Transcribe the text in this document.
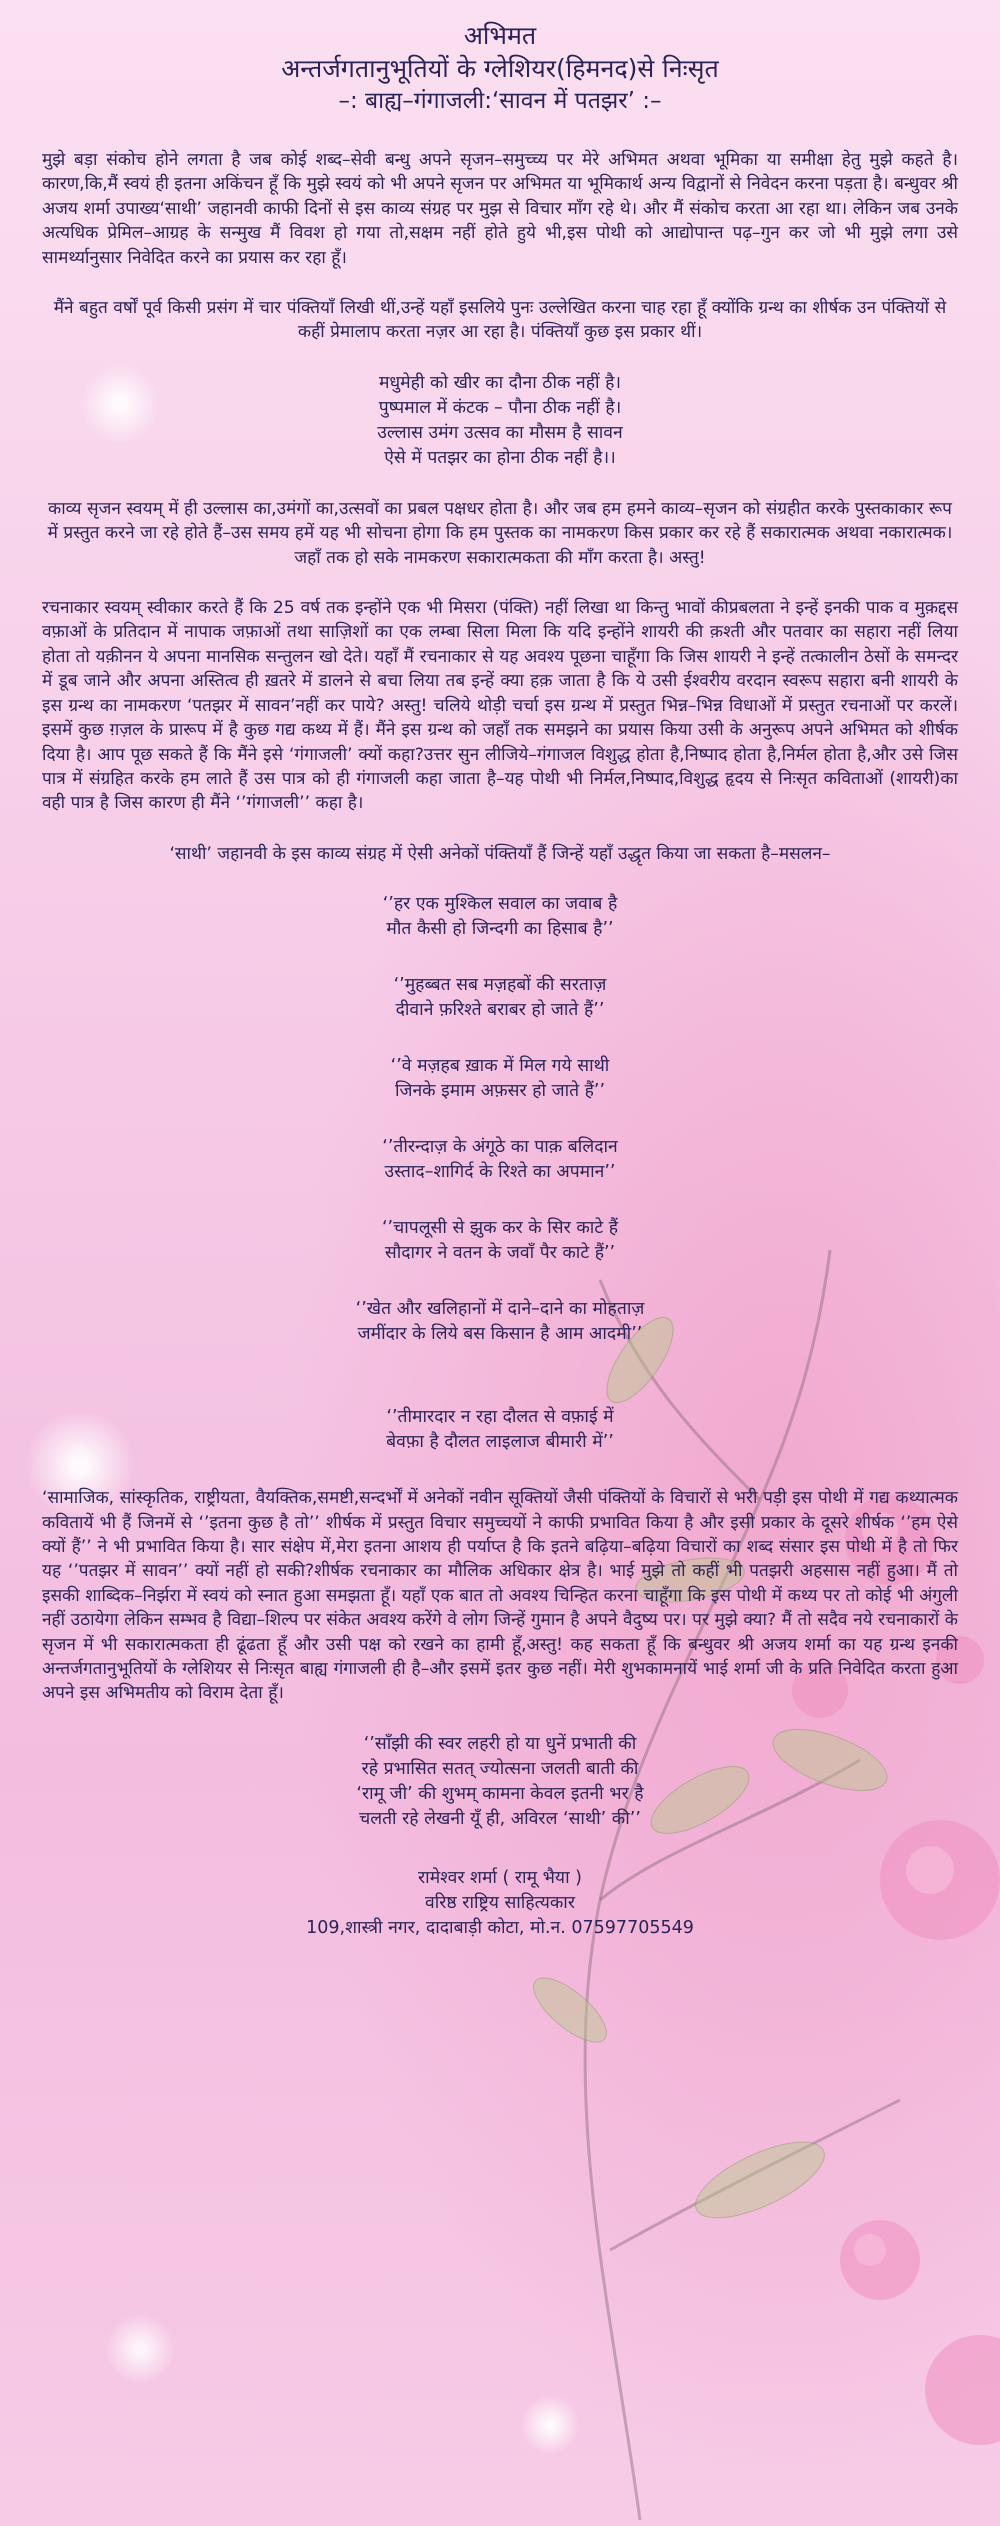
अभिमत
अन्तर्जगतानुभूतियों के ग्लेशियर(हिमनद)से निःसृत
–: बाह्य–गंगाजली:‘सावन में पतझर’ :–

मुझे बड़ा संकोच होने लगता है जब कोई शब्द–सेवी बन्धु अपने सृजन–समुच्च्य पर मेरे अभिमत अथवा भूमिका या समीक्षा हेतु मुझे कहते है। कारण,कि,मैं स्वयं ही इतना अकिंचन हूँ कि मुझे स्वयं को भी अपने सृजन पर अभिमत या भूमिकार्थ अन्य विद्वानों से निवेदन करना पड़ता है। बन्धुवर श्री अजय शर्मा उपाख्य‘साथी’ जहानवी काफी दिनों से इस काव्य संग्रह पर मुझ से विचार माँग रहे थे। और मैं संकोच करता आ रहा था। लेकिन जब उनके अत्यधिक प्रेमिल–आग्रह के सन्मुख मैं विवश हो गया तो,सक्षम नहीं होते हुये भी,इस पोथी को आद्योपान्त पढ़–गुन कर जो भी मुझे लगा उसे सामर्थ्यानुसार निवेदित करने का प्रयास कर रहा हूँ।

मैंने बहुत वर्षों पूर्व किसी प्रसंग में चार पंक्तियाँ लिखी थीं,उन्हें यहाँ इसलिये पुनः उल्लेखित करना चाह रहा हूँ क्योंकि ग्रन्थ का शीर्षक उन पंक्तियों से कहीं प्रेमालाप करता नज़र आ रहा है। पंक्तियाँ कुछ इस प्रकार थीं।

मधुमेही को खीर का दौना ठीक नहीं है।
पुष्पमाल में कंटक – पौना ठीक नहीं है।
उल्लास उमंग उत्सव का मौसम है सावन
ऐसे में पतझर का होना ठीक नहीं है।।

काव्य सृजन स्वयम् में ही उल्लास का,उमंगों का,उत्सवों का प्रबल पक्षधर होता है। और जब हम हमने काव्य–सृजन को संग्रहीत करके पुस्तकाकार रूप में प्रस्तुत करने जा रहे होते हैं–उस समय हमें यह भी सोचना होगा कि हम पुस्तक का नामकरण किस प्रकार कर रहे हैं सकारात्मक अथवा नकारात्मक। जहाँ तक हो सके नामकरण सकारात्मकता की माँग करता है। अस्तु!

रचनाकार स्वयम् स्वीकार करते हैं कि 25 वर्ष तक इन्होंने एक भी मिसरा (पंक्ति) नहीं लिखा था किन्तु भावों कीप्रबलता ने इन्हें इनकी पाक व मुक़द्दस वफ़ाओं के प्रतिदान में नापाक जफ़ाओं तथा साज़िशों का एक लम्बा सिला मिला कि यदि इन्होंने शायरी की क़श्ती और पतवार का सहारा नहीं लिया होता तो यक़ीनन ये अपना मानसिक सन्तुलन खो देते। यहाँ मैं रचनाकार से यह अवश्य पूछना चाहूँगा कि जिस शायरी ने इन्हें तत्कालीन ठेसों के समन्दर में डूब जाने और अपना अस्तित्व ही ख़तरे में डालने से बचा लिया तब इन्हें क्या हक़ जाता है कि ये उसी ईश्वरीय वरदान स्वरूप सहारा बनी शायरी के इस ग्रन्थ का नामकरण ‘पतझर में सावन’नहीं कर पाये? अस्तु! चलिये थोड़ी चर्चा इस ग्रन्थ में प्रस्तुत भिन्न–भिन्न विधाओं में प्रस्तुत रचनाओं पर करलें। इसमें कुछ ग़ज़ल के प्रारूप में है कुछ गद्य कथ्य में हैं। मैंने इस ग्रन्थ को जहाँ तक समझने का प्रयास किया उसी के अनुरूप अपने अभिमत को शीर्षक दिया है। आप पूछ सकते हैं कि मैंने इसे ‘गंगाजली’ क्यों कहा?उत्तर सुन लीजिये–गंगाजल विशुद्ध होता है,निष्पाद होता है,निर्मल होता है,और उसे जिस पात्र में संग्रहित करके हम लाते हैं उस पात्र को ही गंगाजली कहा जाता है–यह पोथी भी निर्मल,निष्पाद,विशुद्ध हृदय से निःसृत कविताओं (शायरी)का वही पात्र है जिस कारण ही मैंने ‘’गंगाजली’’ कहा है।

‘साथी’ जहानवी के इस काव्य संग्रह में ऐसी अनेकों पंक्तियाँ हैं जिन्हें यहाँ उद्धृत किया जा सकता है–मसलन–

‘’हर एक मुश्किल सवाल का जवाब है
मौत कैसी हो जिन्दगी का हिसाब है’’
‘’मुहब्बत सब मज़हबों की सरताज़
दीवाने फ़रिश्ते बराबर हो जाते हैं’’
‘’वे मज़हब ख़ाक में मिल गये साथी
जिनके इमाम अफ़सर हो जाते हैं’’
‘’तीरन्दाज़ के अंगूठे का पाक़ बलिदान
उस्ताद–शागिर्द के रिश्ते का अपमान’’
‘’चापलूसी से झुक कर के सिर काटे हैं
सौदागर ने वतन के जवाँ पैर काटे हैं’’
‘’खेत और खलिहानों में दाने–दाने का मोहताज़
जमींदार के लिये बस किसान है आम आदमी’’
‘’तीमारदार न रहा दौलत से वफ़ाई में
बेवफ़ा है दौलत लाइलाज बीमारी में’’

‘सामाजिक, सांस्कृतिक, राष्ट्रीयता, वैयक्तिक,समष्टी,सन्दर्भों में अनेकों नवीन सूक्तियों जैसी पंक्तियों के विचारों से भरी पड़ी इस पोथी में गद्य कथ्यात्मक कवितायें भी हैं जिनमें से ‘’इतना कुछ है तो’’ शीर्षक में प्रस्तुत विचार समुच्चयों ने काफी प्रभावित किया है और इसी प्रकार के दूसरे शीर्षक ‘’हम ऐसे क्यों हैं’’ ने भी प्रभावित किया है। सार संक्षेप में,मेरा इतना आशय ही पर्याप्त है कि इतने बढ़िया–बढ़िया विचारों का शब्द संसार इस पोथी में है तो फिर यह ‘’पतझर में सावन’’ क्यों नहीं हो सकी?शीर्षक रचनाकार का मौलिक अधिकार क्षेत्र है। भाई मुझे तो कहीं भी पतझरी अहसास नहीं हुआ। मैं तो इसकी शाब्दिक–निर्झरा में स्वयं को स्नात हुआ समझता हूँ। यहाँ एक बात तो अवश्य चिन्हित करना चाहूँगा कि इस पोथी में कथ्य पर तो कोई भी अंगुली नहीं उठायेगा लेकिन सम्भव है विद्या–शिल्प पर संकेत अवश्य करेंगे वे लोग जिन्हें गुमान है अपने वैदुष्य पर। पर मुझे क्या? मैं तो सदैव नये रचनाकारों के सृजन में भी सकारात्मकता ही ढूंढता हूँ और उसी पक्ष को रखने का हामी हूँ,अस्तु! कह सकता हूँ कि बन्धुवर श्री अजय शर्मा का यह ग्रन्थ इनकी अन्तर्जगतानुभूतियों के ग्लेशियर से निःसृत बाह्य गंगाजली ही है–और इसमें इतर कुछ नहीं। मेरी शुभकामनायें भाई शर्मा जी के प्रति निवेदित करता हुआ अपने इस अभिमतीय को विराम देता हूँ।

‘’साँझी की स्वर लहरी हो या धुनें प्रभाती की
रहे प्रभासित सतत् ज्योत्सना जलती बाती की
‘रामू जी’ की शुभम् कामना केवल इतनी भर है
चलती रहे लेखनी यूँ ही, अविरल ‘साथी’ की’’
रामेश्वर शर्मा ( रामू भैया )
वरिष्ठ राष्ट्रिय साहित्यकार
109,शास्त्री नगर, दादाबाड़ी कोटा, मो.न. 07597705549
